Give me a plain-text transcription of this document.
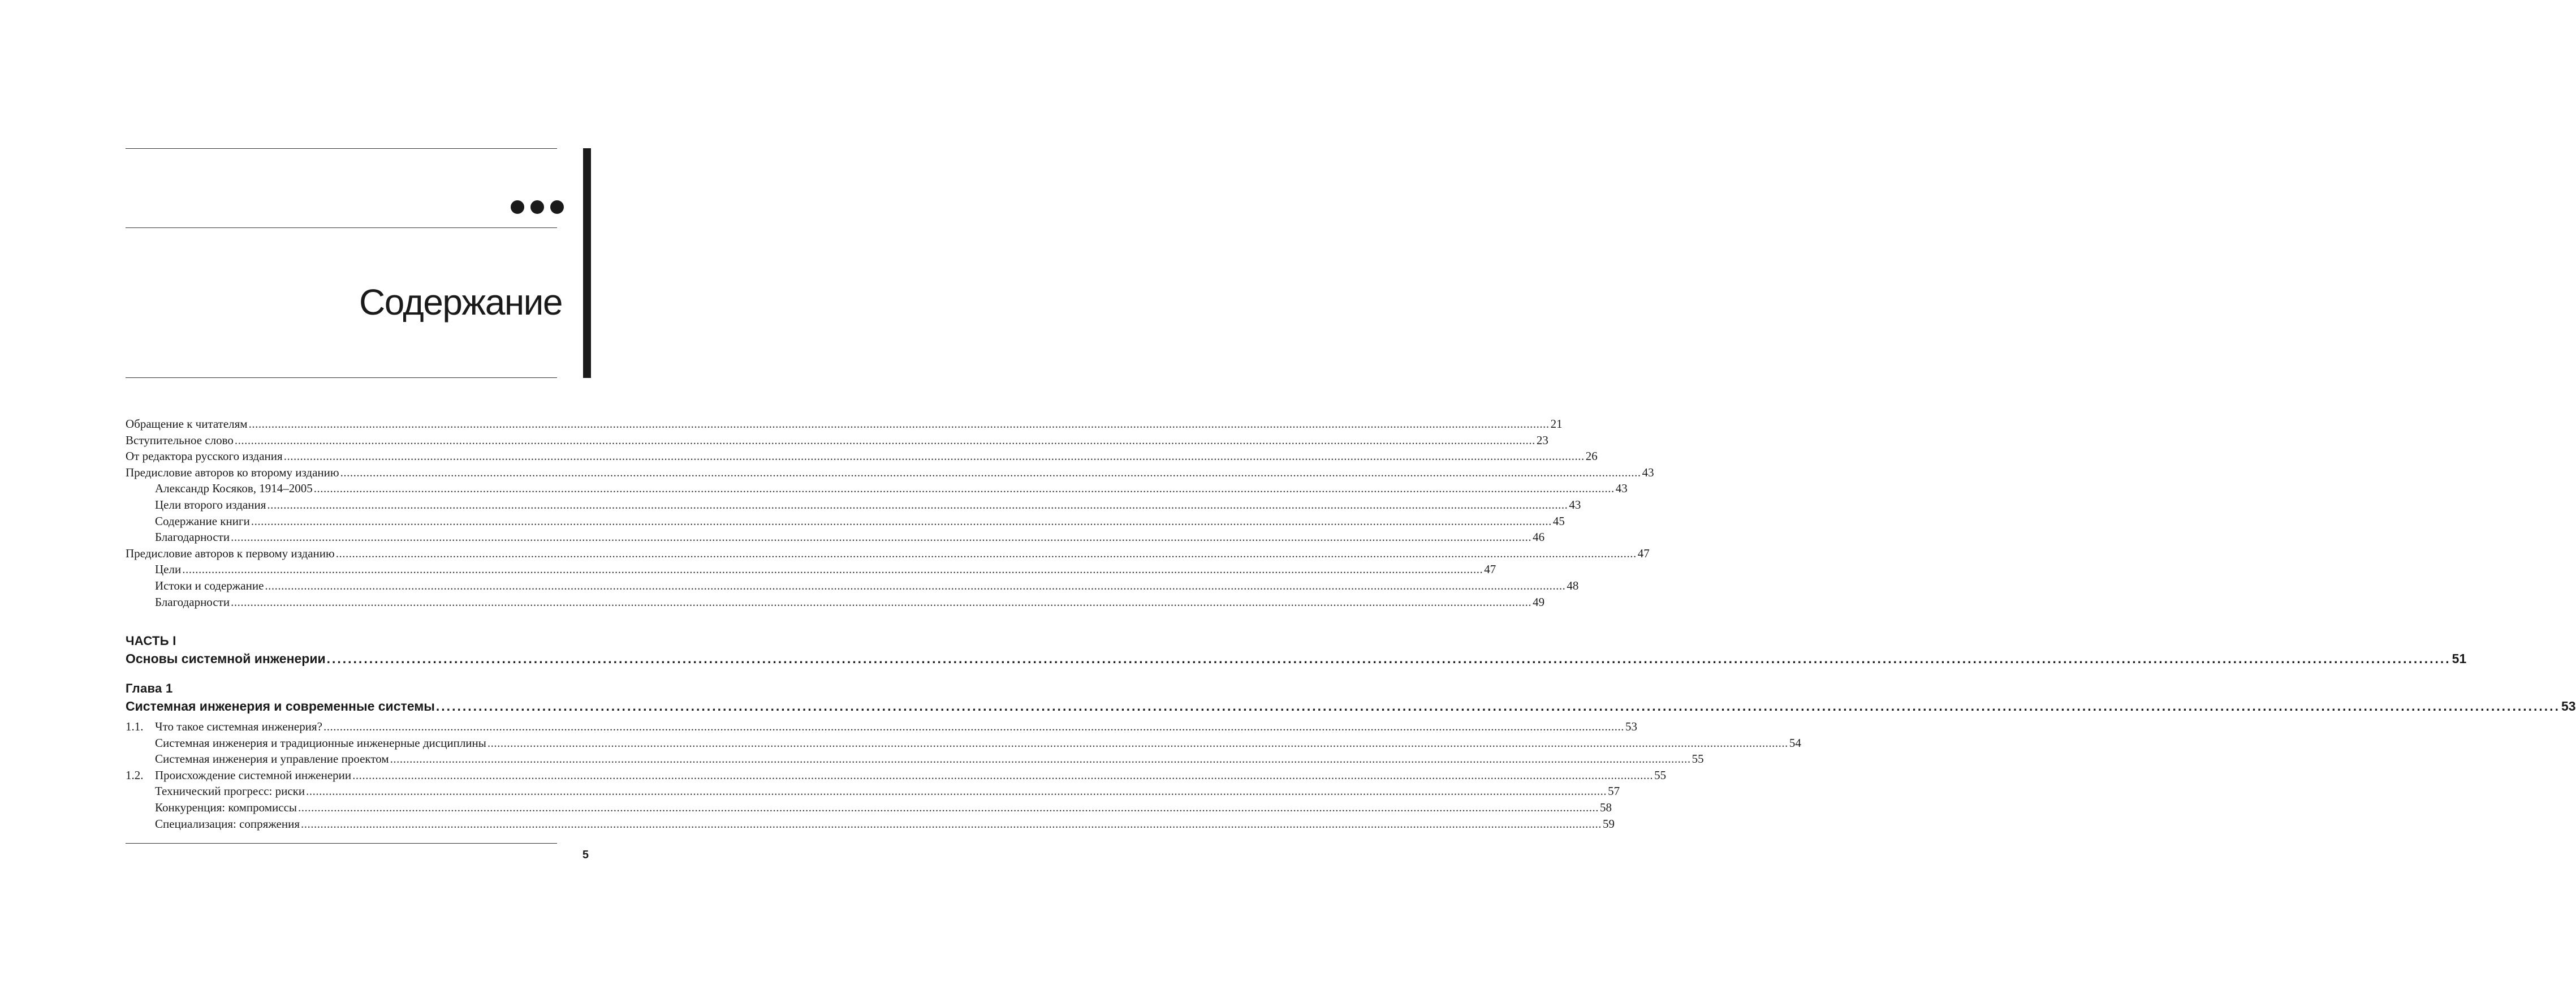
Содержание
Обращение к читателям ................................................................................................................................................................................................................................................................................................................................................................................................................ 21
Вступительное слово ................................................................................................................................................................................................................................................................................................................................................................................................................ 23
От редактора русского издания ................................................................................................................................................................................................................................................................................................................................................................................................................ 26
Предисловие авторов ко второму изданию ................................................................................................................................................................................................................................................................................................................................................................................................................ 43
Александр Косяков, 1914–2005 ................................................................................................................................................................................................................................................................................................................................................................................................................ 43
Цели второго издания ................................................................................................................................................................................................................................................................................................................................................................................................................ 43
Содержание книги ................................................................................................................................................................................................................................................................................................................................................................................................................ 45
Благодарности ................................................................................................................................................................................................................................................................................................................................................................................................................ 46
Предисловие авторов к первому изданию ................................................................................................................................................................................................................................................................................................................................................................................................................ 47
Цели ................................................................................................................................................................................................................................................................................................................................................................................................................ 47
Истоки и содержание ................................................................................................................................................................................................................................................................................................................................................................................................................ 48
Благодарности ................................................................................................................................................................................................................................................................................................................................................................................................................ 49
ЧАСТЬ I
Основы системной инженерии ................................................................................................................................................................................................................................................................................................................................................................................................................ 51
Глава 1
Системная инженерия и современные системы ................................................................................................................................................................................................................................................................................................................................................................................................................ 53
1.1. Что такое системная инженерия? ................................................................................................................................................................................................................................................................................................................................................................................................................ 53
Системная инженерия и традиционные инженерные дисциплины ................................................................................................................................................................................................................................................................................................................................................................................................................ 54
Системная инженерия и управление проектом ................................................................................................................................................................................................................................................................................................................................................................................................................ 55
1.2. Происхождение системной инженерии ................................................................................................................................................................................................................................................................................................................................................................................................................ 55
Технический прогресс: риски ................................................................................................................................................................................................................................................................................................................................................................................................................ 57
Конкуренция: компромиссы ................................................................................................................................................................................................................................................................................................................................................................................................................ 58
Специализация: сопряжения ................................................................................................................................................................................................................................................................................................................................................................................................................ 59
5
